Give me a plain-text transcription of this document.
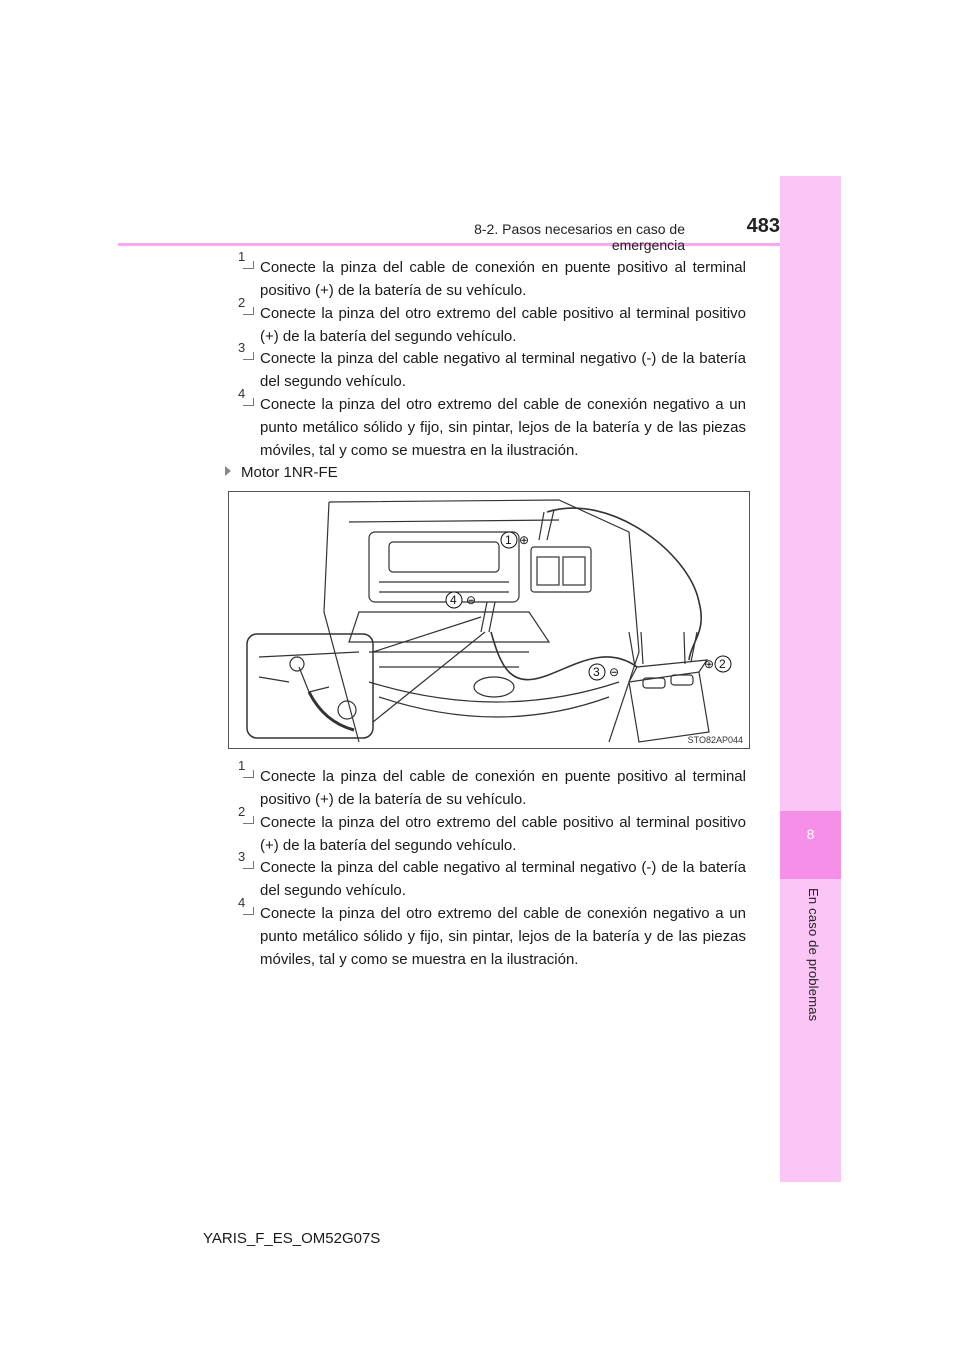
8-2. Pasos necesarios en caso de emergencia
483
8
En caso de problemas
1

Conecte la pinza del cable de conexión en puente positivo al terminal positivo (+) de la batería de su vehículo.

2

Conecte la pinza del otro extremo del cable positivo al terminal positivo (+) de la batería del segundo vehículo.

3

Conecte la pinza del cable negativo al terminal negativo (-) de la batería del segundo vehículo.

4

Conecte la pinza del otro extremo del cable de conexión negativo a un punto metálico sólido y fijo, sin pintar, lejos de la batería y de las piezas móviles, tal y como se muestra en la ilustración.

Motor 1NR-FE
1
2
3
4
⊕
⊕
⊖
⊖
STO82AP044
1

Conecte la pinza del cable de conexión en puente positivo al terminal positivo (+) de la batería de su vehículo.

2

Conecte la pinza del otro extremo del cable positivo al terminal positivo (+) de la batería del segundo vehículo.

3

Conecte la pinza del cable negativo al terminal negativo (-) de la batería del segundo vehículo.

4

Conecte la pinza del otro extremo del cable de conexión negativo a un punto metálico sólido y fijo, sin pintar, lejos de la batería y de las piezas móviles, tal y como se muestra en la ilustración.

YARIS_F_ES_OM52G07S
